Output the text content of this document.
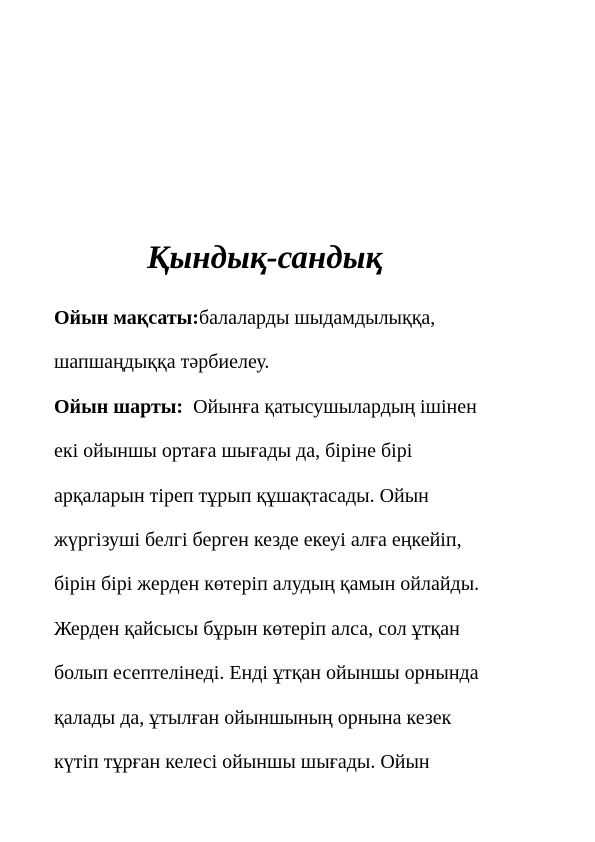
Қындық-сандық
Ойын мақсаты:балаларды шыдамдылыққа,
шапшаңдыққа тәрбиелеу.
Ойын шарты: Ойынға қатысушылардың ішінен
екі ойыншы ортаға шығады да, біріне бірі
арқаларын тіреп тұрып құшақтасады. Ойын
жүргізуші белгі берген кезде екеуі алға еңкейіп,
бірін бірі жерден көтеріп алудың қамын ойлайды.
Жерден қайсысы бұрын көтеріп алса, сол ұтқан
болып есептелінеді. Енді ұтқан ойыншы орнында
қалады да, ұтылған ойыншының орнына кезек
күтіп тұрған келесі ойыншы шығады. Ойын
